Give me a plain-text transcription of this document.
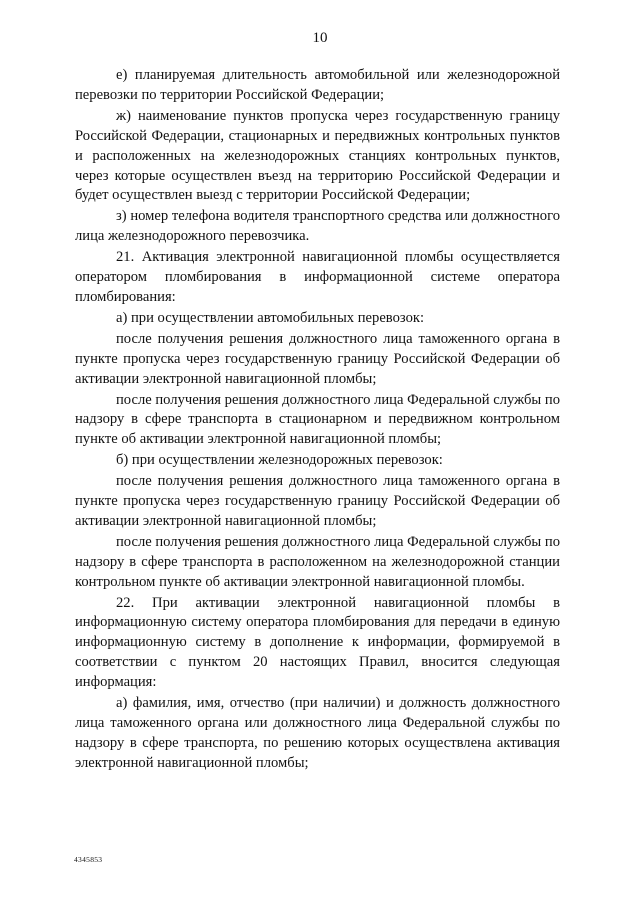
10

е) планируемая длительность автомобильной или железнодорожной перевозки по территории Российской Федерации;

ж) наименование пунктов пропуска через государственную границу Российской Федерации, стационарных и передвижных контрольных пунктов и расположенных на железнодорожных станциях контрольных пунктов, через которые осуществлен въезд на территорию Российской Федерации и будет осуществлен выезд с территории Российской Федерации;

з) номер телефона водителя транспортного средства или должностного лица железнодорожного перевозчика.

21. Активация электронной навигационной пломбы осуществляется оператором пломбирования в информационной системе оператора пломбирования:

а) при осуществлении автомобильных перевозок:

после получения решения должностного лица таможенного органа в пункте пропуска через государственную границу Российской Федерации об активации электронной навигационной пломбы;

после получения решения должностного лица Федеральной службы по надзору в сфере транспорта в стационарном и передвижном контрольном пункте об активации электронной навигационной пломбы;

б) при осуществлении железнодорожных перевозок:

после получения решения должностного лица таможенного органа в пункте пропуска через государственную границу Российской Федерации об активации электронной навигационной пломбы;

после получения решения должностного лица Федеральной службы по надзору в сфере транспорта в расположенном на железнодорожной станции контрольном пункте об активации электронной навигационной пломбы.

22. При активации электронной навигационной пломбы в информационную систему оператора пломбирования для передачи в единую информационную систему в дополнение к информации, формируемой в соответствии с пунктом 20 настоящих Правил, вносится следующая информация:

а) фамилия, имя, отчество (при наличии) и должность должностного лица таможенного органа или должностного лица Федеральной службы по надзору в сфере транспорта, по решению которых осуществлена активация электронной навигационной пломбы;

4345853
